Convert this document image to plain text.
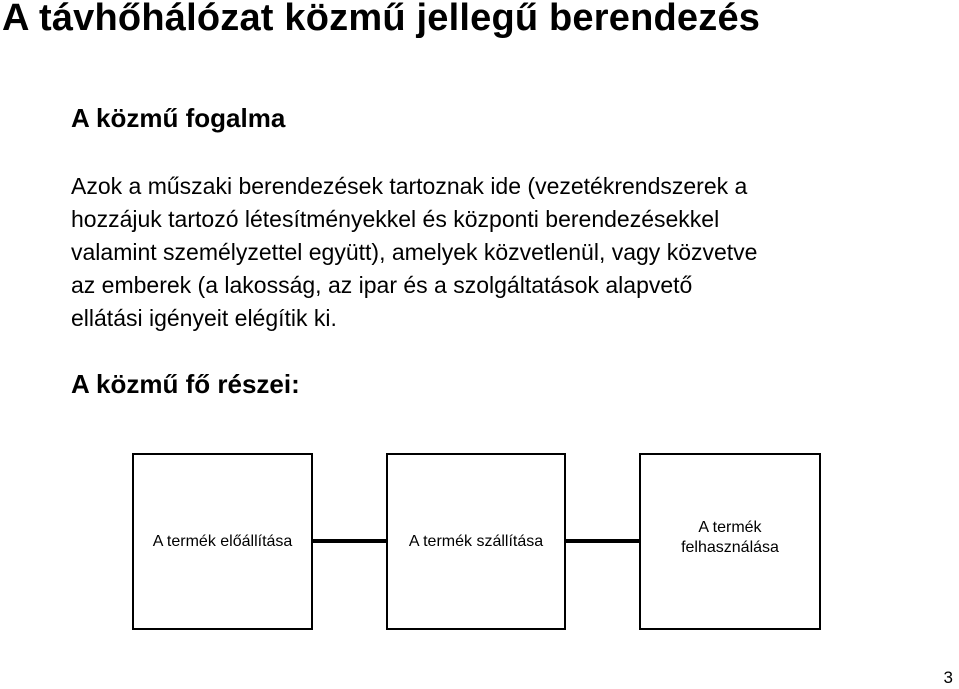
A távhőhálózat közmű jellegű berendezés
A közmű fogalma
Azok a műszaki berendezések tartoznak ide (vezetékrendszerek a
hozzájuk tartozó létesítményekkel és központi berendezésekkel
valamint személyzettel együtt), amelyek közvetlenül, vagy közvetve
az emberek (a lakosság, az ipar és a szolgáltatások alapvető
ellátási igényeit elégítik ki.
A közmű fő részei:
A termék előállítása	A termék szállítása
A termék
felhasználása
3
